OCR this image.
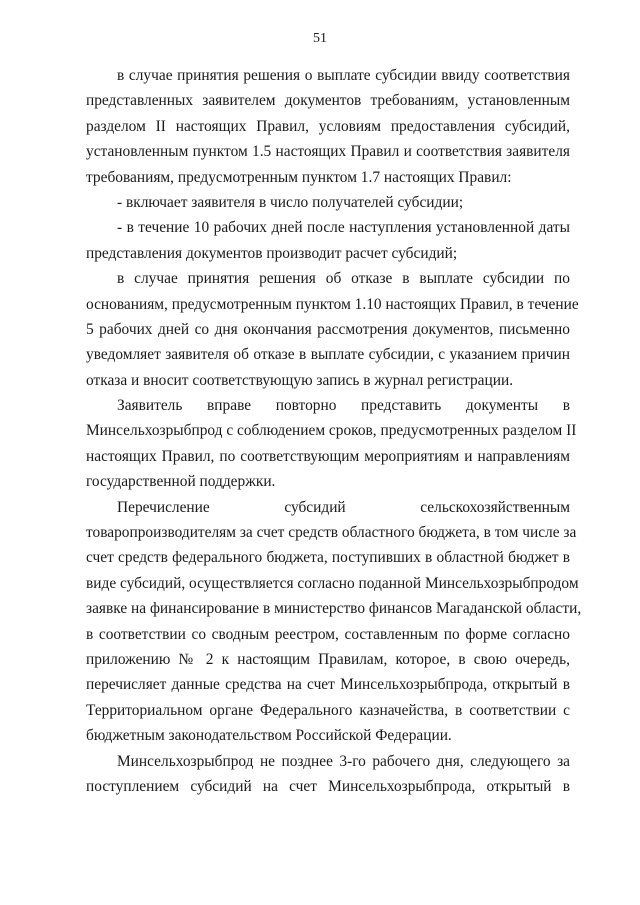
51
в случае принятия решения о выплате субсидии ввиду соответствия
представленных заявителем документов требованиям, установленным
разделом II настоящих Правил, условиям предоставления субсидий,
установленным пунктом 1.5 настоящих Правил и соответствия заявителя
требованиям, предусмотренным пунктом 1.7 настоящих Правил:
- включает заявителя в число получателей субсидии;
- в течение 10 рабочих дней после наступления установленной даты
представления документов производит расчет субсидий;
в случае принятия решения об отказе в выплате субсидии по
основаниям, предусмотренным пунктом 1.10 настоящих Правил, в течение
5 рабочих дней со дня окончания рассмотрения документов, письменно
уведомляет заявителя об отказе в выплате субсидии, с указанием причин
отказа и вносит соответствующую запись в журнал регистрации.
Заявитель вправе повторно представить документы в
Минсельхозрыбпрод с соблюдением сроков, предусмотренных разделом II
настоящих Правил, по соответствующим мероприятиям и направлениям
государственной поддержки.
Перечисление субсидий сельскохозяйственным
товаропроизводителям за счет средств областного бюджета, в том числе за
счет средств федерального бюджета, поступивших в областной бюджет в
виде субсидий, осуществляется согласно поданной Минсельхозрыбпродом
заявке на финансирование в министерство финансов Магаданской области,
в соответствии со сводным реестром, составленным по форме согласно
приложению № 2 к настоящим Правилам, которое, в свою очередь,
перечисляет данные средства на счет Минсельхозрыбпрода, открытый в
Территориальном органе Федерального казначейства, в соответствии с
бюджетным законодательством Российской Федерации.
Минсельхозрыбпрод не позднее 3-го рабочего дня, следующего за
поступлением субсидий на счет Минсельхозрыбпрода, открытый в
